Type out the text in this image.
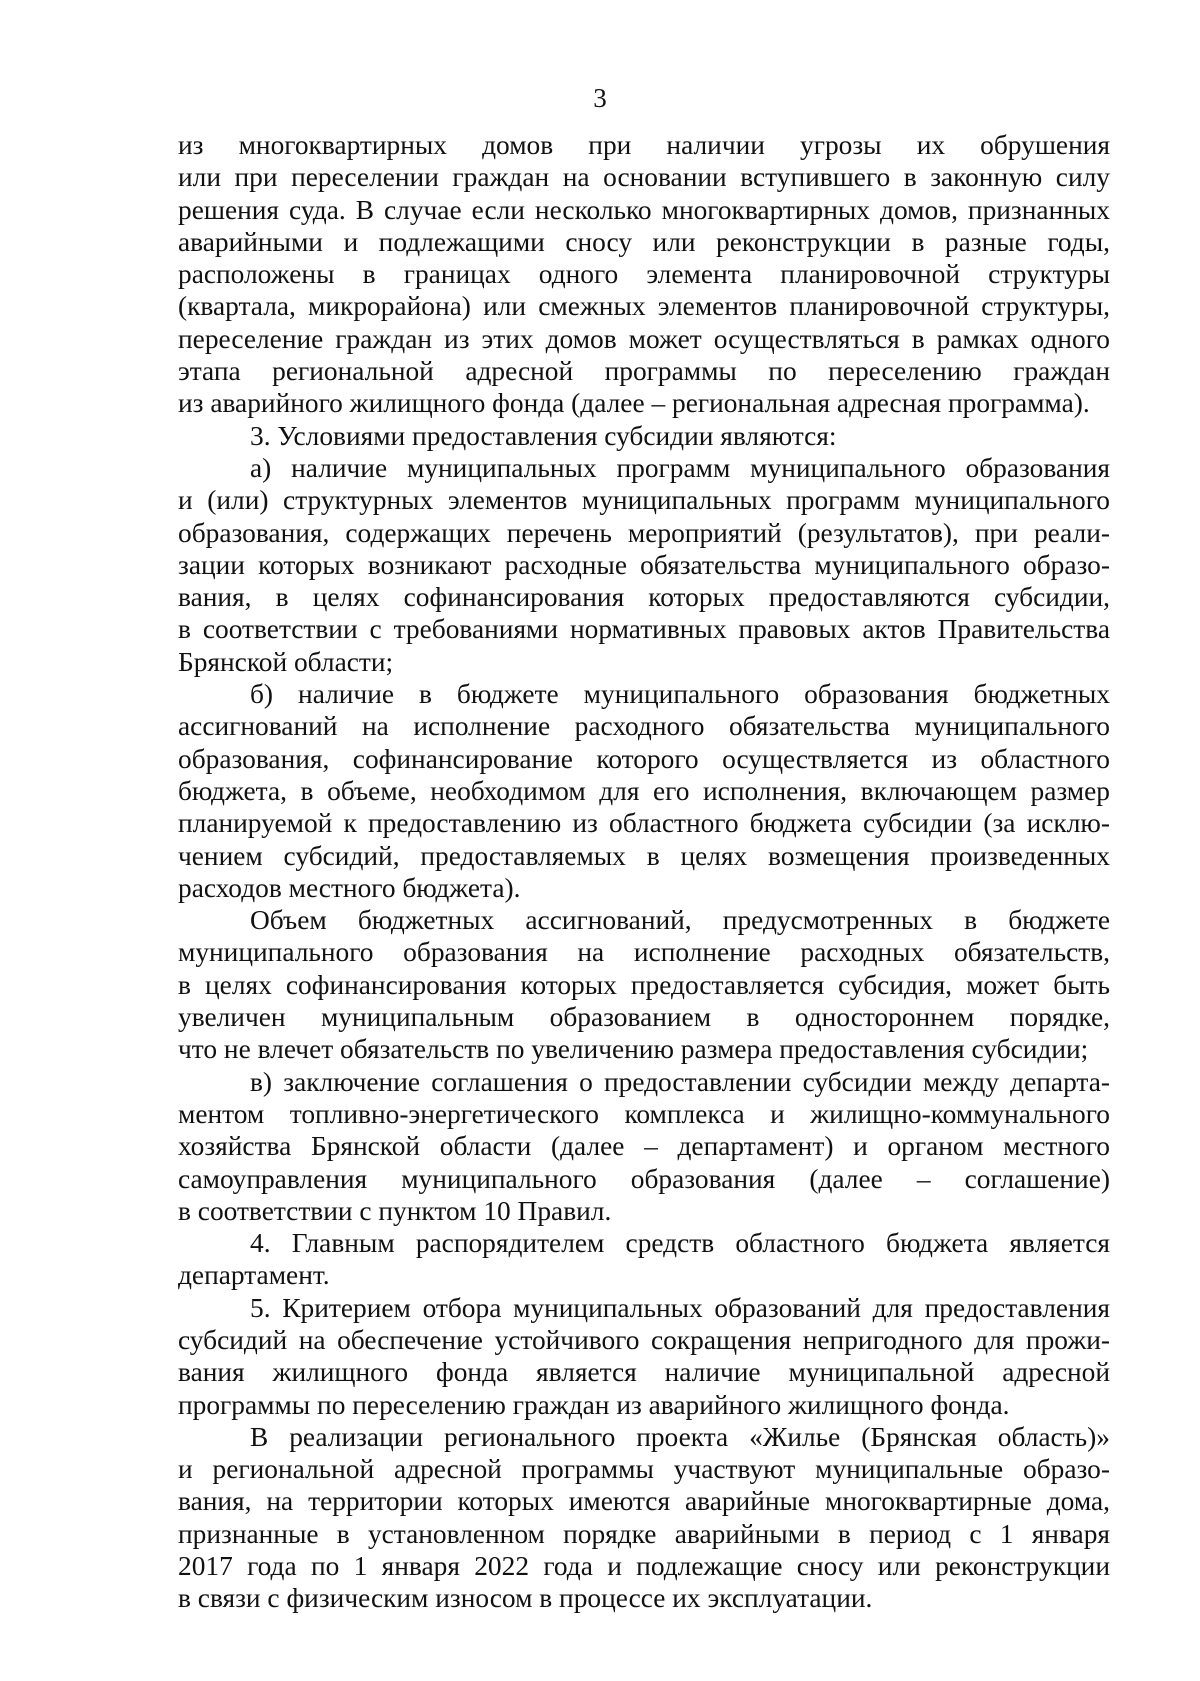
3
из многоквартирных домов при наличии угрозы их обрушения
или при переселении граждан на основании вступившего в законную силу
решения суда. В случае если несколько многоквартирных домов, признанных
аварийными и подлежащими сносу или реконструкции в разные годы,
расположены в границах одного элемента планировочной структуры
(квартала, микрорайона) или смежных элементов планировочной структуры,
переселение граждан из этих домов может осуществляться в рамках одного
этапа региональной адресной программы по переселению граждан
из аварийного жилищного фонда (далее – региональная адресная программа).
3. Условиями предоставления субсидии являются:
а) наличие муниципальных программ муниципального образования
и (или) структурных элементов муниципальных программ муниципального
образования, содержащих перечень мероприятий (результатов), при реали-
зации которых возникают расходные обязательства муниципального образо-
вания, в целях софинансирования которых предоставляются субсидии,
в соответствии с требованиями нормативных правовых актов Правительства
Брянской области;
б) наличие в бюджете муниципального образования бюджетных
ассигнований на исполнение расходного обязательства муниципального
образования, софинансирование которого осуществляется из областного
бюджета, в объеме, необходимом для его исполнения, включающем размер
планируемой к предоставлению из областного бюджета субсидии (за исклю-
чением субсидий, предоставляемых в целях возмещения произведенных
расходов местного бюджета).
Объем бюджетных ассигнований, предусмотренных в бюджете
муниципального образования на исполнение расходных обязательств,
в целях софинансирования которых предоставляется субсидия, может быть
увеличен муниципальным образованием в одностороннем порядке,
что не влечет обязательств по увеличению размера предоставления субсидии;
в) заключение соглашения о предоставлении субсидии между департа-
ментом топливно-энергетического комплекса и жилищно-коммунального
хозяйства Брянской области (далее – департамент) и органом местного
самоуправления муниципального образования (далее – соглашение)
в соответствии с пунктом 10 Правил.
4. Главным распорядителем средств областного бюджета является
департамент.
5. Критерием отбора муниципальных образований для предоставления
субсидий на обеспечение устойчивого сокращения непригодного для прожи-
вания жилищного фонда является наличие муниципальной адресной
программы по переселению граждан из аварийного жилищного фонда.
В реализации регионального проекта «Жилье (Брянская область)»
и региональной адресной программы участвуют муниципальные образо-
вания, на территории которых имеются аварийные многоквартирные дома,
признанные в установленном порядке аварийными в период с 1 января
2017 года по 1 января 2022 года и подлежащие сносу или реконструкции
в связи с физическим износом в процессе их эксплуатации.
